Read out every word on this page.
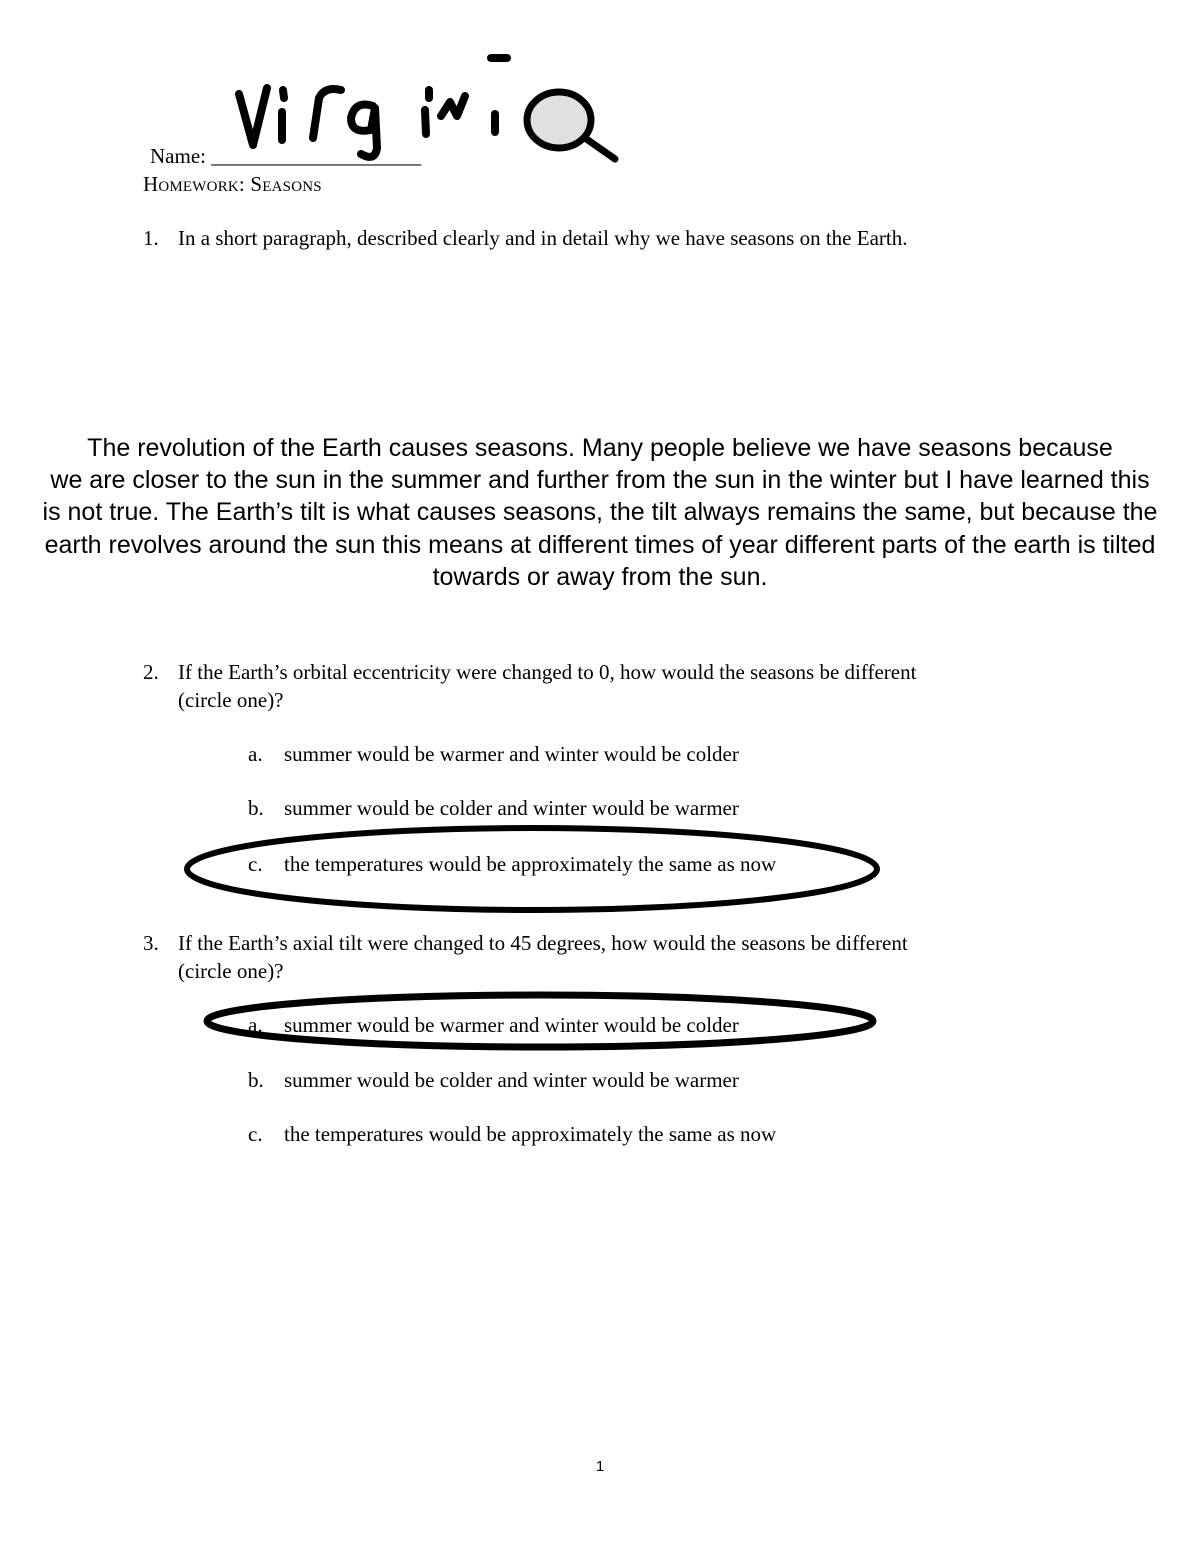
Name: ____________________
Homework: Seasons
1. In a short paragraph, described clearly and in detail why we have seasons on the Earth.
The revolution of the Earth causes seasons. Many people believe we have seasons because
we are closer to the sun in the summer and further from the sun in the winter but I have learned this
is not true. The Earth’s tilt is what causes seasons, the tilt always remains the same, but because the
earth revolves around the sun this means at different times of year different parts of the earth is tilted
towards or away from the sun.
2. If the Earth’s orbital eccentricity were changed to 0, how would the seasons be different
(circle one)?
a.	summer would be warmer and winter would be colder
b. summer would be colder and winter would be warmer
c.	the temperatures would be approximately the same as now
3. If the Earth’s axial tilt were changed to 45 degrees, how would the seasons be different
(circle one)?
a.	summer would be warmer and winter would be colder
b. summer would be colder and winter would be warmer
c.	the temperatures would be approximately the same as now
1
